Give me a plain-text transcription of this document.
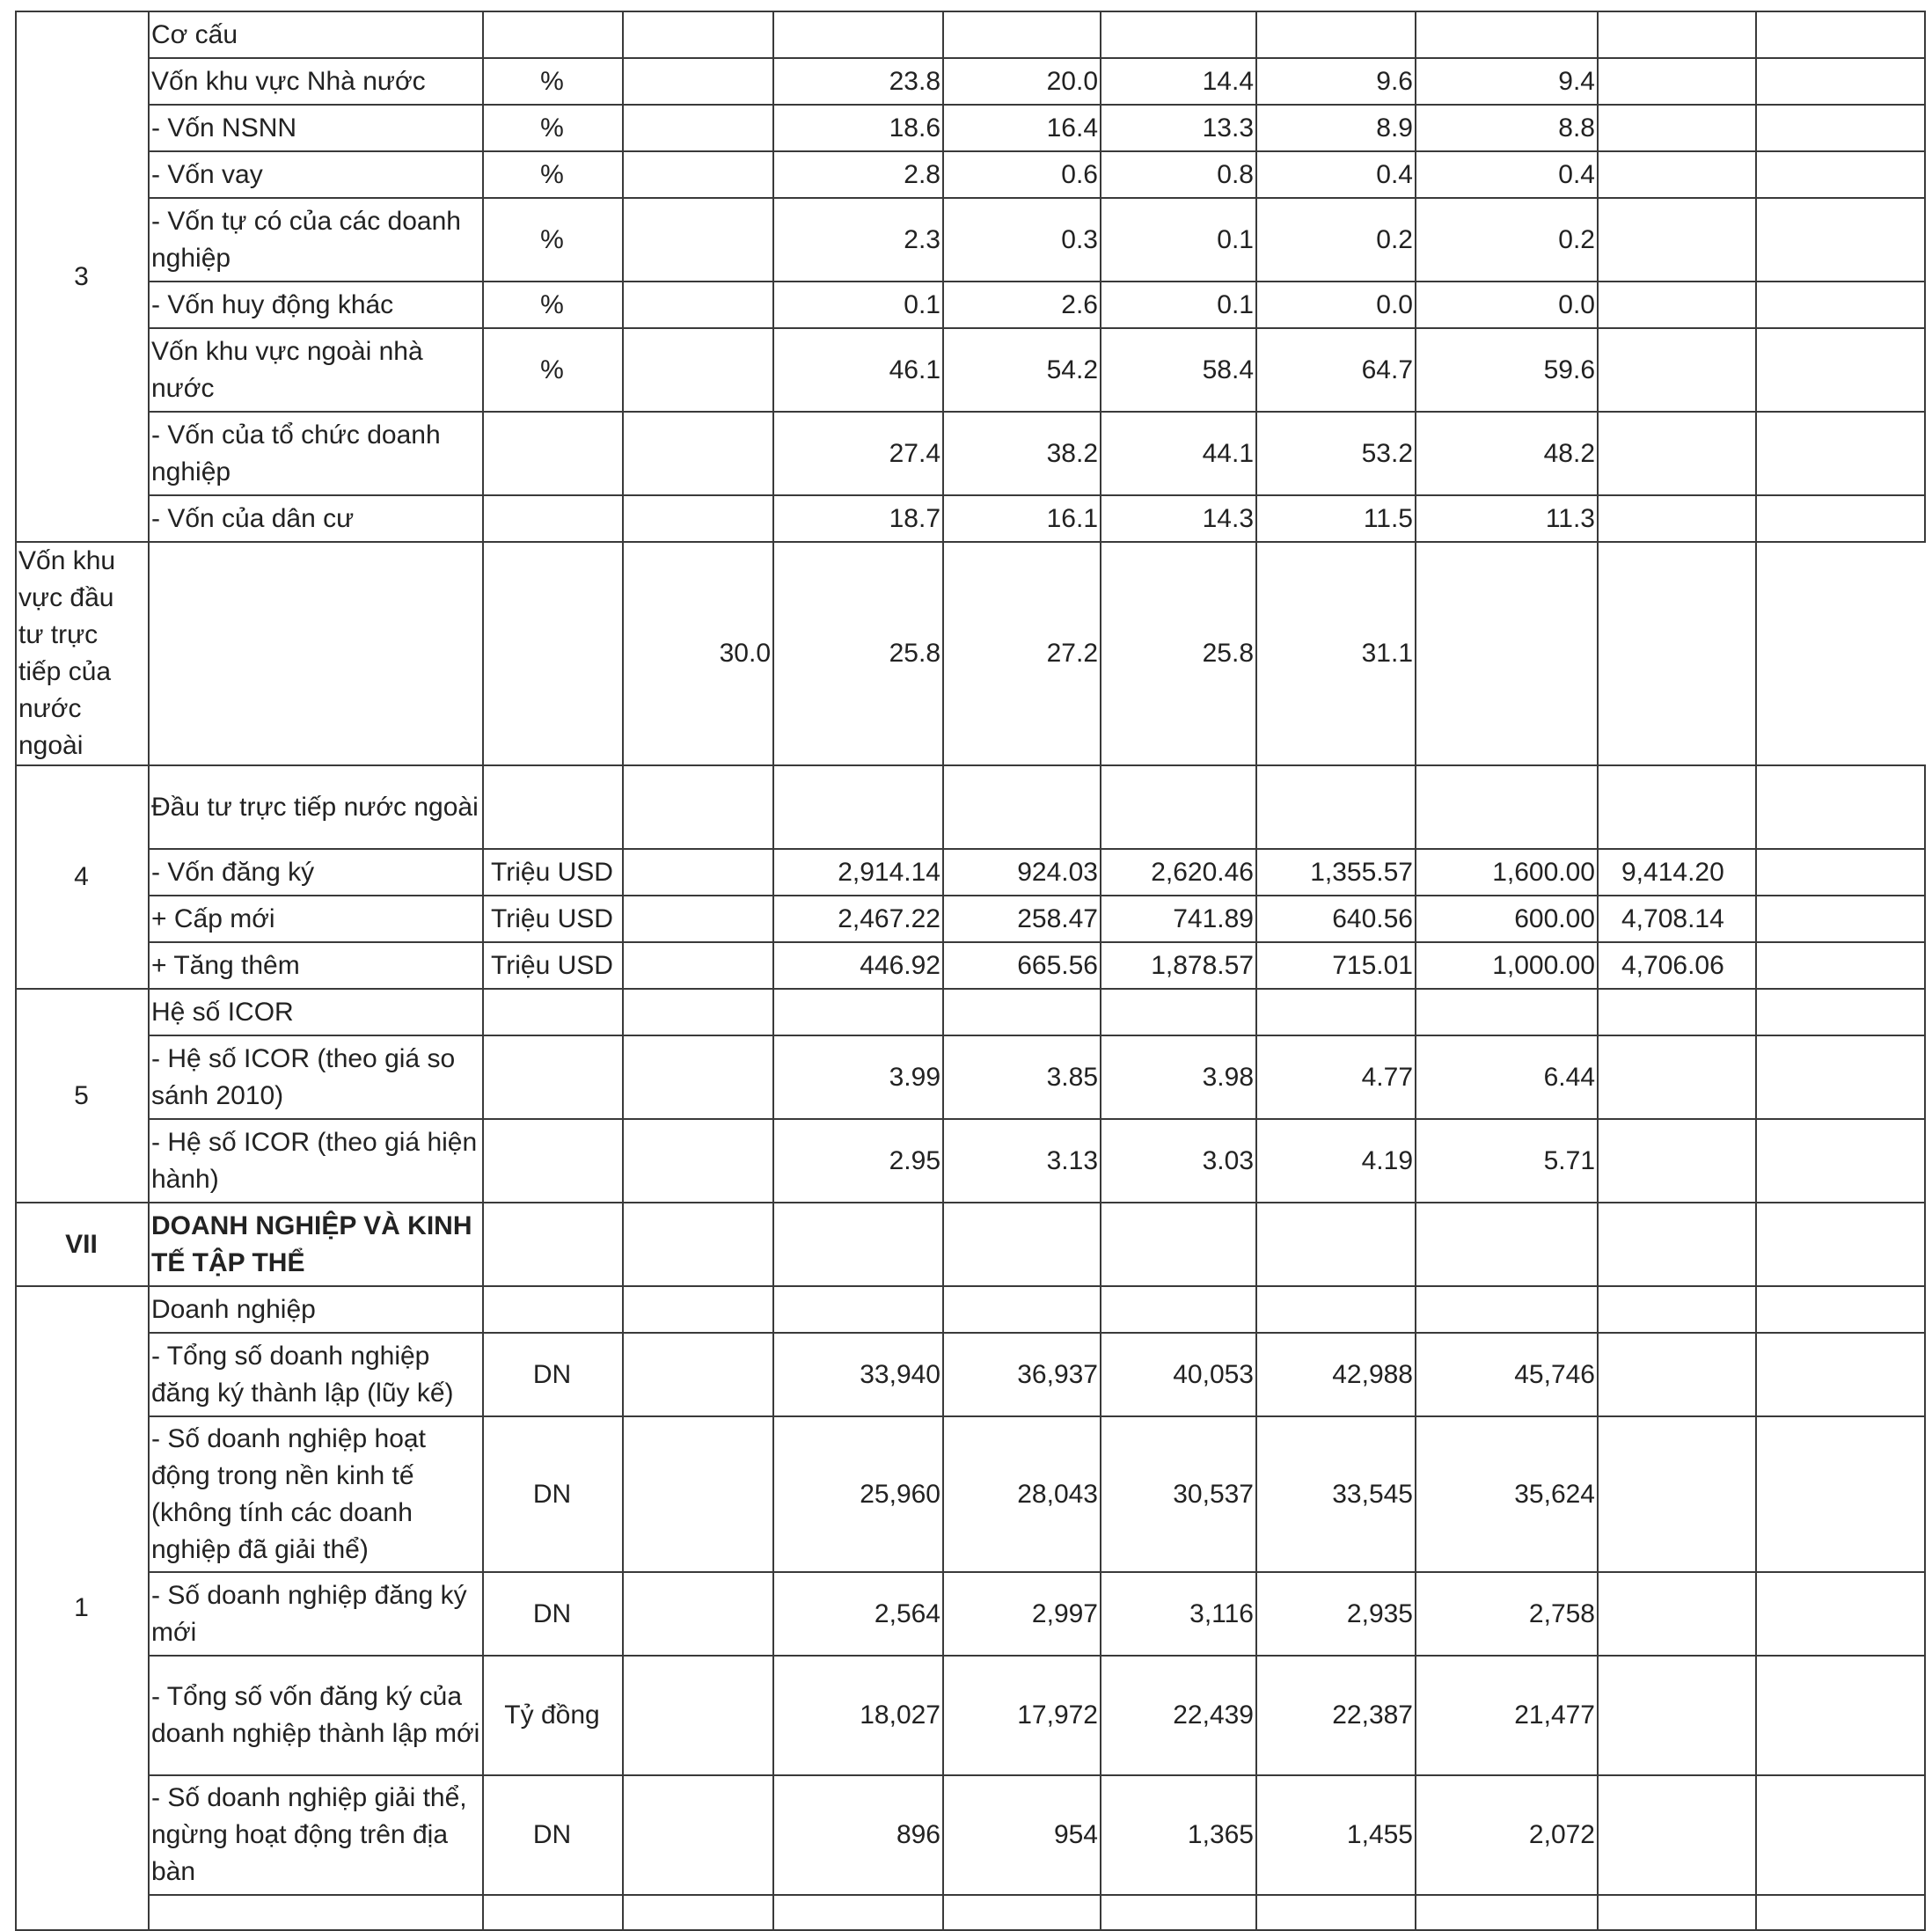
3	Cơ cấu									
	Vốn khu vực Nhà nước	%		23.8	20.0	14.4	9.6	9.4		
	- Vốn NSNN	%		18.6	16.4	13.3	8.9	8.8		
	- Vốn vay	%		2.8	0.6	0.8	0.4	0.4		
	- Vốn tự có của các doanh nghiệp	%		2.3	0.3	0.1	0.2	0.2		
	- Vốn huy động khác	%		0.1	2.6	0.1	0.0	0.0		
	Vốn khu vực ngoài nhà nước	%		46.1	54.2	58.4	64.7	59.6		
	- Vốn của tổ chức doanh nghiệp			27.4	38.2	44.1	53.2	48.2		
	- Vốn của dân cư			18.7	16.1	14.3	11.5	11.3		
Vốn khu vực đầu tư trực tiếp của nước ngoài			30.0	25.8	27.2	25.8	31.1			
4	Đầu tư trực tiếp nước ngoài									
	- Vốn đăng ký	Triệu USD		2,914.14	924.03	2,620.46	1,355.57	1,600.00	9,414.20	
	+ Cấp mới	Triệu USD		2,467.22	258.47	741.89	640.56	600.00	4,708.14	
	+ Tăng thêm	Triệu USD		446.92	665.56	1,878.57	715.01	1,000.00	4,706.06	
5	Hệ số ICOR									
	- Hệ số ICOR (theo giá so sánh 2010)			3.99	3.85	3.98	4.77	6.44		
	- Hệ số ICOR (theo giá hiện hành)			2.95	3.13	3.03	4.19	5.71		
VII	DOANH NGHIỆP VÀ KINH TẾ TẬP THỂ									
1	Doanh nghiệp									
	- Tổng số doanh nghiệp đăng ký thành lập (lũy kế)	DN		33,940	36,937	40,053	42,988	45,746		
	- Số doanh nghiệp hoạt động trong nền kinh tế (không tính các doanh nghiệp đã giải thể)	DN		25,960	28,043	30,537	33,545	35,624		
	- Số doanh nghiệp đăng ký mới	DN		2,564	2,997	3,116	2,935	2,758		
	- Tổng số vốn đăng ký của doanh nghiệp thành lập mới	Tỷ đồng		18,027	17,972	22,439	22,387	21,477		
	- Số doanh nghiệp giải thể, ngừng hoạt động trên địa bàn	DN		896	954	1,365	1,455	2,072		
